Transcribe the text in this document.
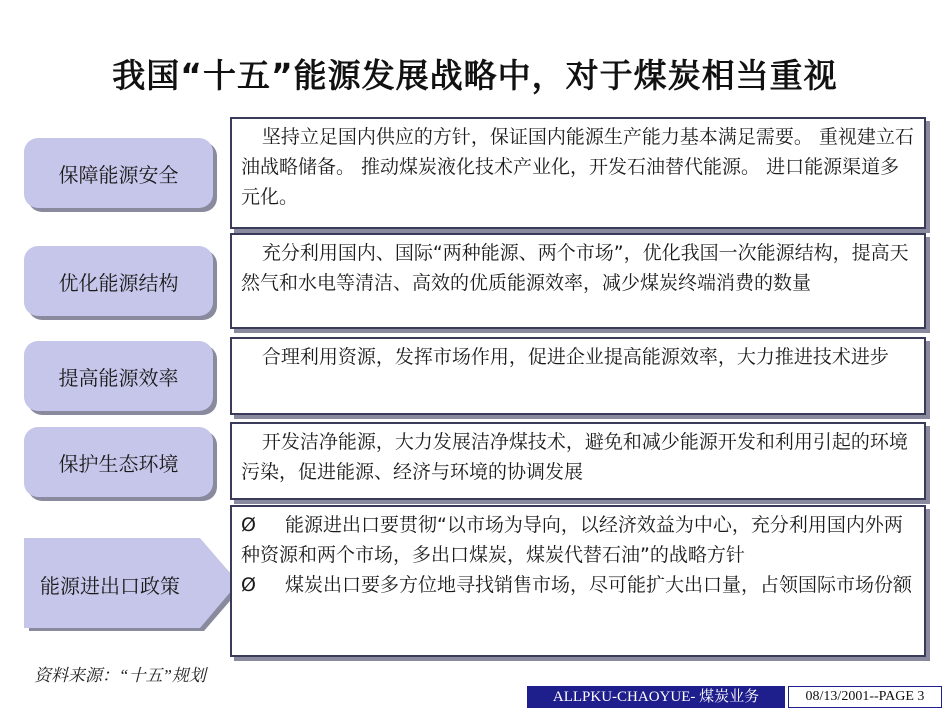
我国“十五”能源发展战略中，对于煤炭相当重视
保障能源安全

坚持立足国内供应的方针，保证国内能源生产能力基本满足需要。 重视建立石油战略储备。 推动煤炭液化技术产业化，开发石油替代能源。 进口能源渠道多元化。

优化能源结构

充分利用国内、国际“两种能源、两个市场”，优化我国一次能源结构，提高天然气和水电等清洁、高效的优质能源效率，减少煤炭终端消费的数量

提高能源效率

合理利用资源，发挥市场作用，促进企业提高能源效率，大力推进技术进步

保护生态环境

开发洁净能源，大力发展洁净煤技术，避免和减少能源开发和利用引起的环境污染，促进能源、经济与环境的协调发展

能源进出口政策

Ø 能源进出口要贯彻“以市场为导向，以经济效益为中心，充分利用国内外两种资源和两个市场，多出口煤炭，煤炭代替石油”的战略方针

Ø 煤炭出口要多方位地寻找销售市场，尽可能扩大出口量，占领国际市场份额

资料来源：“十五”规划
ALLPKU-CHAOYUE- 煤炭业务	08/13/2001--PAGE 3
